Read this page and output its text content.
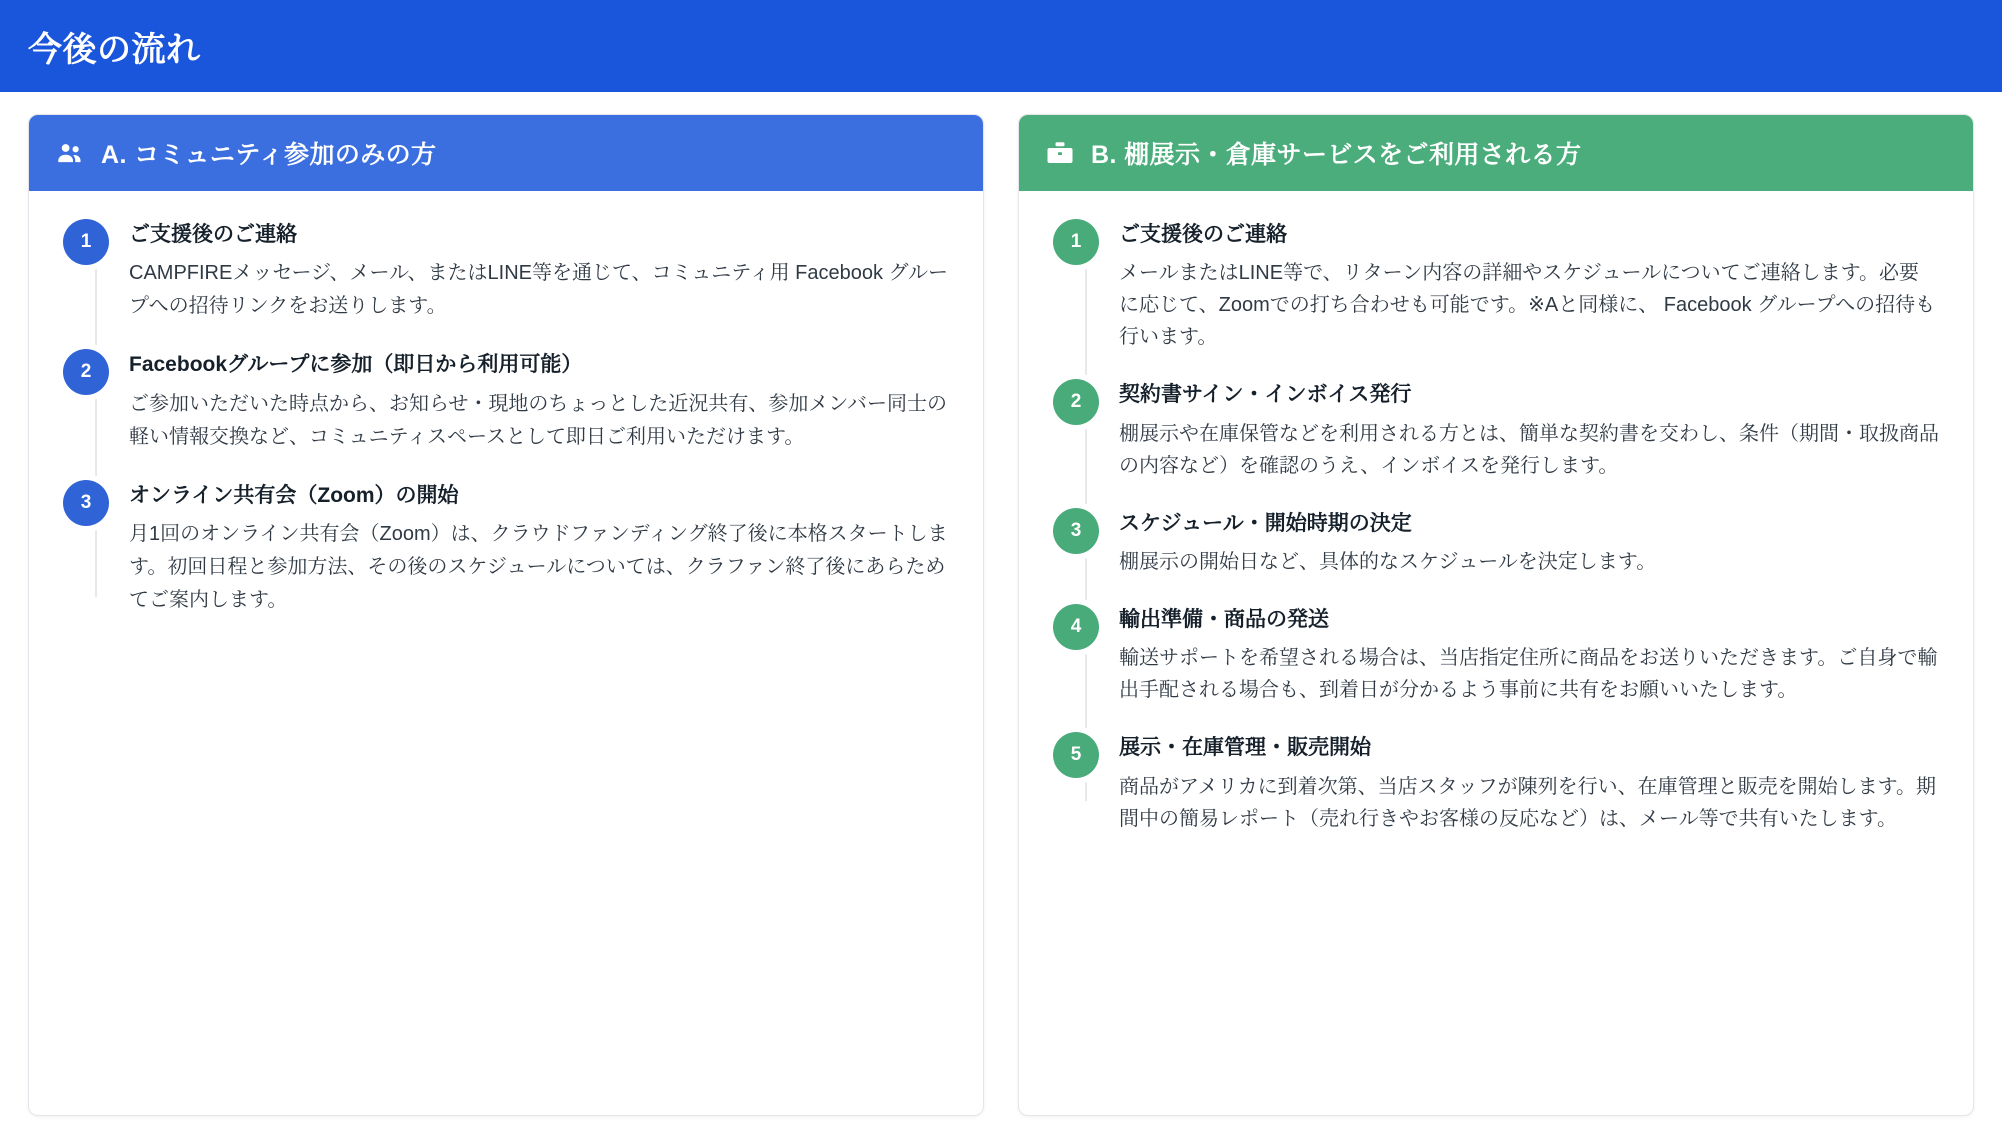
今後の流れ
A. コミュニティ参加のみの方
1	ご支援後のご連絡

CAMPFIREメッセージ、メール、またはLINE等を通じて、コミュニティ用 Facebook グループへの招待リンクをお送りします。

2	Facebookグループに参加（即日から利用可能）

ご参加いただいた時点から、お知らせ・現地のちょっとした近況共有、参加メンバー同士の軽い情報交換など、コミュニティスペースとして即日ご利用いただけます。

3	オンライン共有会（Zoom）の開始

月1回のオンライン共有会（Zoom）は、クラウドファンディング終了後に本格スタートします。初回日程と参加方法、その後のスケジュールについては、クラファン終了後にあらためてご案内します。

B. 棚展示・倉庫サービスをご利用される方
1	ご支援後のご連絡

メールまたはLINE等で、リターン内容の詳細やスケジュールについてご連絡します。必要に応じて、Zoomでの打ち合わせも可能です。※Aと同様に、 Facebook グループへの招待も行います。

2	契約書サイン・インボイス発行

棚展示や在庫保管などを利用される方とは、簡単な契約書を交わし、条件（期間・取扱商品の内容など）を確認のうえ、インボイスを発行します。

3	スケジュール・開始時期の決定

棚展示の開始日など、具体的なスケジュールを決定します。

4	輸出準備・商品の発送

輸送サポートを希望される場合は、当店指定住所に商品をお送りいただきます。ご自身で輸出手配される場合も、到着日が分かるよう事前に共有をお願いいたします。

5	展示・在庫管理・販売開始

商品がアメリカに到着次第、当店スタッフが陳列を行い、在庫管理と販売を開始します。期間中の簡易レポート（売れ行きやお客様の反応など）は、メール等で共有いたします。
